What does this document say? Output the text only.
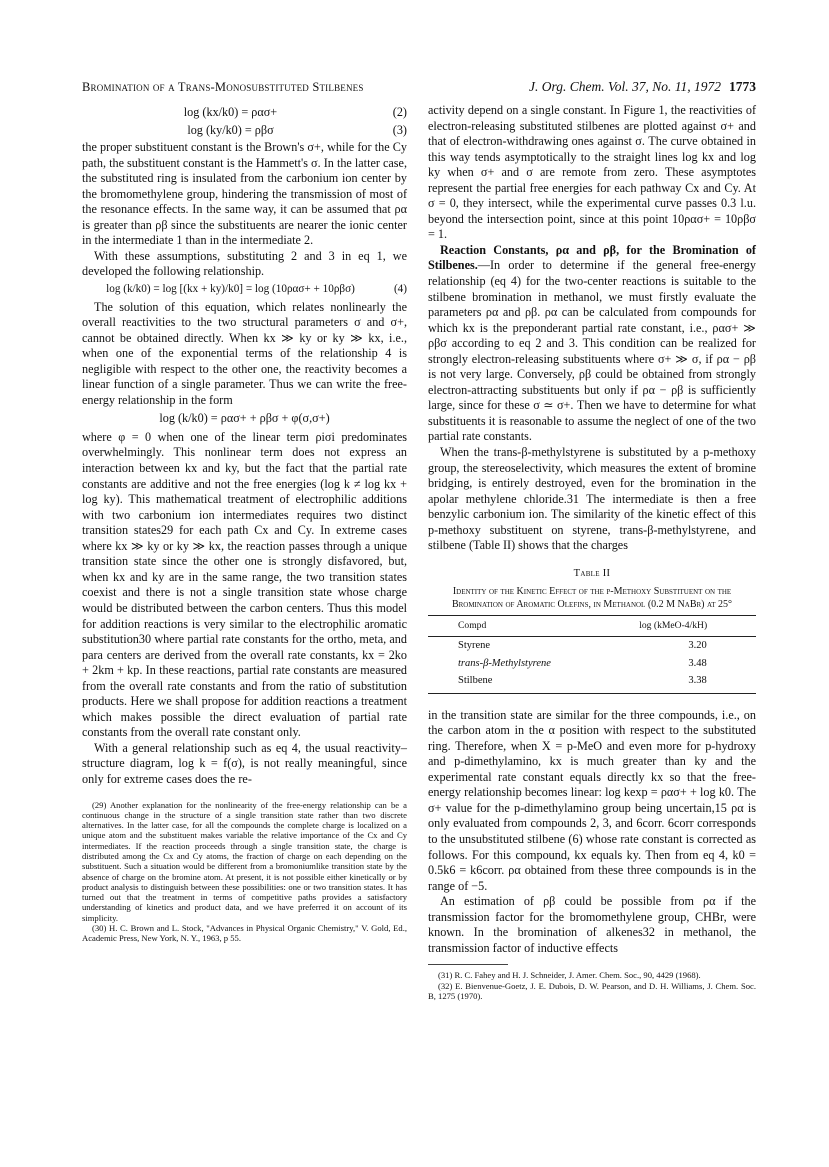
Bromination of a Trans-Monosubstituted Stilbenes	J. Org. Chem. Vol. 37, No. 11, 1972 1773
log (kx/k0) = ρασ+	(2)
log (ky/k0) = ρβσ	(3)

the proper substituent constant is the Brown's σ+, while for the Cy path, the substituent constant is the Hammett's σ. In the latter case, the substituted ring is insulated from the carbonium ion center by the bromomethylene group, hindering the transmission of most of the resonance effects. In the same way, it can be assumed that ρα is greater than ρβ since the substituents are nearer the ionic center in the intermediate 1 than in the intermediate 2.

With these assumptions, substituting 2 and 3 in eq 1, we developed the following relationship.

log (k/k0) = log [(kx + ky)/k0] = log (10ρασ+ + 10ρβσ)	(4)

The solution of this equation, which relates nonlinearly the overall reactivities to the two structural parameters σ and σ+, cannot be obtained directly. When kx ≫ ky or ky ≫ kx, i.e., when one of the exponential terms of the relationship 4 is negligible with respect to the other one, the reactivity becomes a linear function of a single parameter. Thus we can write the free-energy relationship in the form

log (k/k0) = ρασ+ + ρβσ + φ(σ,σ+)

where φ = 0 when one of the linear term ρiσi predominates overwhelmingly. This nonlinear term does not express an interaction between kx and ky, but the fact that the partial rate constants are additive and not the free energies (log k ≠ log kx + log ky). This mathematical treatment of electrophilic additions with two carbonium ion intermediates requires two distinct transition states29 for each path Cx and Cy. In extreme cases where kx ≫ ky or ky ≫ kx, the reaction passes through a unique transition state since the other one is strongly disfavored, but, when kx and ky are in the same range, the two transition states coexist and there is not a single transition state whose charge would be distributed between the carbon centers. Thus this model for addition reactions is very similar to the electrophilic aromatic substitution30 where partial rate constants for the ortho, meta, and para centers are derived from the overall rate constants, kx = 2ko + 2km + kp. In these reactions, partial rate constants are measured from the overall rate constants and from the ratio of substitution products. Here we shall propose for addition reactions a treatment which makes possible the direct evaluation of partial rate constants from the overall rate constant only.

With a general relationship such as eq 4, the usual reactivity–structure diagram, log k = f(σ), is not really meaningful, since only for extreme cases does the re-

(29) Another explanation for the nonlinearity of the free-energy relationship can be a continuous change in the structure of a single transition state rather than two discrete alternatives. In the latter case, for all the compounds the complete charge is localized on a unique atom and the substituent makes variable the relative importance of the Cx and Cy intermediates. If the reaction proceeds through a single transition state, the charge is distributed among the Cx and Cy atoms, the fraction of charge on each depending on the substituent. Such a situation would be different from a bromoniumlike transition state by the absence of charge on the bromine atom. At present, it is not possible either kinetically or by product analysis to distinguish between these possibilities: one or two transition states. It has turned out that the treatment in terms of competitive paths provides a satisfactory understanding of kinetics and product data, and we have preferred it on account of its simplicity.

(30) H. C. Brown and L. Stock, "Advances in Physical Organic Chemistry," V. Gold, Ed., Academic Press, New York, N. Y., 1963, p 55.

activity depend on a single constant. In Figure 1, the reactivities of electron-releasing substituted stilbenes are plotted against σ+ and that of electron-withdrawing ones against σ. The curve obtained in this way tends asymptotically to the straight lines log kx and log ky when σ+ and σ are remote from zero. These asymptotes represent the partial free energies for each pathway Cx and Cy. At σ = 0, they intersect, while the experimental curve passes 0.3 l.u. beyond the intersection point, since at this point 10ρασ+ = 10ρβσ = 1.

Reaction Constants, ρα and ρβ, for the Bromination of Stilbenes.—In order to determine if the general free-energy relationship (eq 4) for the two-center reactions is suitable to the stilbene bromination in methanol, we must firstly evaluate the parameters ρα and ρβ. ρα can be calculated from compounds for which kx is the preponderant partial rate constant, i.e., ρασ+ ≫ ρβσ according to eq 2 and 3. This condition can be realized for strongly electron-releasing substituents where σ+ ≫ σ, if ρα − ρβ is not very large. Conversely, ρβ could be obtained from strongly electron-attracting substituents but only if ρα − ρβ is sufficiently large, since for these σ ≃ σ+. Then we have to determine for what substituents it is reasonable to assume the neglect of one of the two partial rate constants.

When the trans-β-methylstyrene is substituted by a p-methoxy group, the stereoselectivity, which measures the extent of bromine bridging, is entirely destroyed, even for the bromination in the apolar methylene chloride.31 The intermediate is then a free benzylic carbonium ion. The similarity of the kinetic effect of this p-methoxy substituent on styrene, trans-β-methylstyrene, and stilbene (Table II) shows that the charges

Table II
Identity of the Kinetic Effect of the p-Methoxy Substituent on the Bromination of Aromatic Olefins, in Methanol (0.2 M NaBr) at 25°
Compd	log (kMeO-4/kH)
Styrene	3.20
trans-β-Methylstyrene	3.48
Stilbene	3.38

in the transition state are similar for the three compounds, i.e., on the carbon atom in the α position with respect to the substituted ring. Therefore, when X = p-MeO and even more for p-hydroxy and p-dimethylamino, kx is much greater than ky and the experimental rate constant equals directly kx so that the free-energy relationship becomes linear: log kexp = ρασ+ + log k0. The σ+ value for the p-dimethylamino group being uncertain,15 ρα is only evaluated from compounds 2, 3, and 6corr. 6corr corresponds to the unsubstituted stilbene (6) whose rate constant is corrected as follows. For this compound, kx equals ky. Then from eq 4, k0 = 0.5k6 = k6corr. ρα obtained from these three compounds is in the range of −5.

An estimation of ρβ could be possible from ρα if the transmission factor for the bromomethylene group, CHBr, were known. In the bromination of alkenes32 in methanol, the transmission factor of inductive effects

(31) R. C. Fahey and H. J. Schneider, J. Amer. Chem. Soc., 90, 4429 (1968).

(32) E. Bienvenue-Goetz, J. E. Dubois, D. W. Pearson, and D. H. Williams, J. Chem. Soc. B, 1275 (1970).
